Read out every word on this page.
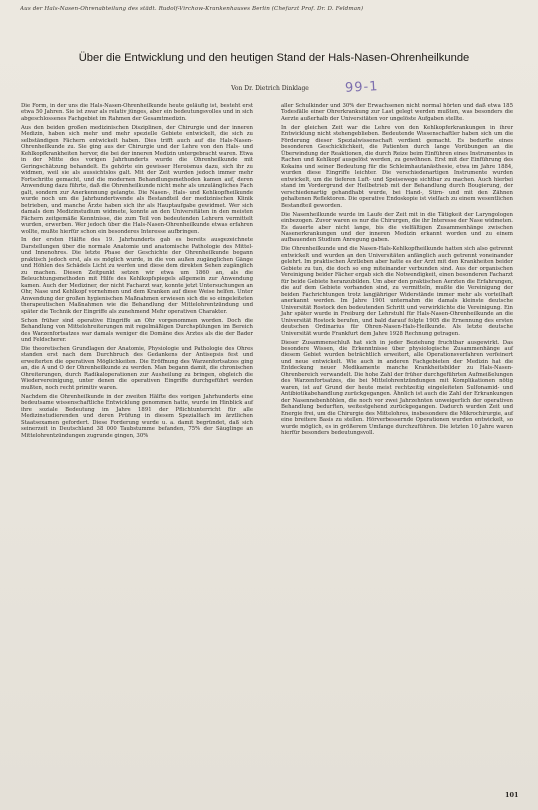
Aus der Hals-Nasen-Ohrenabteilung des städt. Rudolf-Virchow-Krankenhauses Berlin (Chefarzt Prof. Dr. D. Feldman)
Über die Entwicklung und den heutigen Stand der Hals-Nasen-Ohrenheilkunde
Von Dr. Dietrich Dinklage	99-1

Die Form, in der uns die Hals-Nasen-Ohrenheilkunde heute geläufig ist, besteht erst etwa 50 Jahren. Sie ist zwar als relativ jünges, aber ein bedeutungsvolles und in sich abgeschlossenes Fachgebiet im Rahmen der Gesamtmedizin.

Aus den beiden großen medizinischen Disziplinen, der Chirurgie und der inneren Medizin, haben sich mehr und mehr spezielle Gebiete entwickelt, die sich zu selbständigen Fächern entwickelt haben. Dies trifft auch auf die Hals-Nasen-Ohrenheilkunde zu. Sie ging aus der Chirurgie und der Lehre von den Hals- und Kehlkopfkrankheiten hervor, die bei der inneren Medizin untergebracht waren. Etwa in der Mitte des vorigen Jahrhunderts wurde die Ohrenheilkunde mit Geringschätzung behandelt. Es gehörte ein gewisser Heroismus dazu, sich ihr zu widmen, weil sie als aussichtslos galt. Mit der Zeit wurden jedoch immer mehr Fortschritte gemacht, und die modernen Behandlungsmethoden kamen auf, deren Anwendung dazu führte, daß die Ohrenheilkunde nicht mehr als unzulängliches Fach galt, sondern zur Anerkennung gelangte. Die Nasen-, Hals- und Kehlkopfheilkunde wurde noch um die Jahrhundertwende als Bestandteil der medizinischen Klinik betrieben, und manche Ärzte haben sich ihr als Hauptaufgabe gewidmet. Wer sich damals dem Medizinstudium widmete, konnte an den Universitäten in den meisten Fächern zeitgemäße Kenntnisse, die zum Teil von bedeutenden Lehrern vermittelt wurden, erwerben. Wer jedoch über die Hals-Nasen-Ohrenheilkunde etwas erfahren wollte, mußte hierfür schon ein besonderes Interesse aufbringen.

In der ersten Hälfte des 19. Jahrhunderts gab es bereits ausgezeichnete Darstellungen über die normale Anatomie und anatomische Pathologie des Mittel- und Innenohres. Die letzte Phase der Geschichte der Ohrenheilkunde begann praktisch jedoch erst, als es möglich wurde, in die von außen zugänglichen Gänge und Höhlen des Schädels Licht zu werfen und diese dem direkten Sehen zugänglich zu machen. Diesen Zeitpunkt setzen wir etwa um 1860 an, als die Beleuchtungsmethoden mit Hilfe des Kehlkopfspiegels allgemein zur Anwendung kamen. Auch der Mediziner, der nicht Facharzt war, konnte jetzt Untersuchungen an Ohr, Nase und Kehlkopf vornehmen und dem Kranken auf diese Weise helfen. Unter Anwendung der großen hygienischen Maßnahmen erwiesen sich die so eingeleiteten therapeutischen Maßnahmen wie die Behandlung der Mittelohrentzündung und später die Technik der Eingriffe als zunehmend Mehr operativen Charakter.

Schon früher sind operative Eingriffe an Ohr vorgenommen worden. Doch die Behandlung von Mittelohreiterungen mit regelmäßigen Durchspülungen im Bereich des Warzenfortsatzes war damals weniger die Domäne des Arztes als die der Bader und Feldscherer.

Die theoretischen Grundlagen der Anatomie, Physiologie und Pathologie des Ohres standen erst nach dem Durchbruch des Gedankens der Antisepsis fest und erweiterten die operativen Möglichkeiten. Die Eröffnung des Warzenfortsatzes ging an, die A und O der Ohrenheilkunde zu werden. Man begann damit, die chronischen Ohreiterungen, durch Radikaloperationen zur Ausheilung zu bringen, obgleich die Wiedervereinigung, unter denen die operativen Eingriffe durchgeführt werden mußten, noch recht primitiv waren.

Nachdem die Ohrenheilkunde in der zweiten Hälfte des vorigen Jahrhunderts eine bedeutsame wissenschaftliche Entwicklung genommen hatte, wurde im Hinblick auf ihre soziale Bedeutung im Jahre 1891 der Pflichtunterricht für alle Medizinstudierenden und deren Prüfung in diesem Spezialfach im ärztlichen Staatsexamen gefordert. Diese Forderung wurde u. a. damit begründet, daß sich seinerzeit in Deutschland 38 000 Taubstumme befanden, 75% der Säuglinge an Mittelohrentzündungen zugrunde gingen, 30%

aller Schulkinder und 30% der Erwachsenen nicht normal hörten und daß etwa 185 Todesfälle einer Ohrerkrankung zur Last gelegt werden mußten, was besonders die Aerzte außerhalb der Universitäten vor ungelöste Aufgaben stellte.

In der gleichen Zeit war die Lehre von den Kehlkopferkrankungen in ihrer Entwicklung nicht stehengeblieben. Bedeutende Wissenschaftler haben sich um die Förderung dieser Spezialwissenschaft verdient gemacht. Es bedurfte eines besonderen Geschicklichkeit, die Patienten durch lange Vorübungen an die Überwindung der Reaktionen, die durch Reize beim Einführen eines Instrumentes in Rachen und Kehlkopf ausgelöst werden, zu gewöhnen. Erst mit der Einführung des Kokains und seiner Bedeutung für die Schleimhautanästhesie, etwa im Jahre 1884, wurden diese Eingriffe leichter. Die verschiedenartigen Instrumente wurden entwickelt, um die tieferen Luft- und Speisewege sichtbar zu machen. Auch hierbei stand im Vordergrund der Heilbetrieb mit der Behandlung durch Bougierung, der verschiedenartig gehandhabt wurde, bei Hand-, Stirn- und mit den Zähnen gehaltenen Reflektoren. Die operative Endoskopie ist vielfach zu einem wesentlichen Bestandteil geworden.

Die Nasenheilkunde wurde im Laufe der Zeit mit in die Tätigkeit der Laryngologen einbezogen. Zuvor waren es nur die Chirurgen, die ihr Interesse der Nase widmeten. Es dauerte aber nicht lange, bis die vielfältigen Zusammenhänge zwischen Nasenerkrankungen und der inneren Medizin erkannt worden und zu einem aufbauenden Studium Anregung gaben.

Die Ohrenheilkunde und die Nasen-Hals-Kehlkopfheilkunde hatten sich also getrennt entwickelt und wurden an den Universitäten anfänglich auch getrennt voneinander gelehrt. Im praktischen Ärztleben aber hatte es der Arzt mit den Krankheiten beider Gebiete zu tun, die doch so eng miteinander verbunden sind. Aus der organischen Vereinigung beider Fächer ergab sich die Notwendigkeit, einen besonderen Facharzt für beide Gebiete heranzubilden. Um aber den praktischen Aerzten die Erfahrungen, die auf dem Gebiete vorhanden sind, zu vermitteln, mußte die Vereinigung der beiden Fachrichtungen trotz langjähriger Widerstände immer mehr als vorteilhaft anerkannt werden. Im Jahre 1901 unternahm die damals kleinste deutsche Universität Rostock den bedeutenden Schritt und verwirklichte die Vereinigung. Ein Jahr später wurde in Freiburg der Lehrstuhl für Hals-Nasen-Ohrenheilkunde an die Universität Rostock berufen, und bald darauf folgte 1905 die Ernennung des ersten deutschen Ordinarius für Ohren-Nasen-Hals-Heilkunde. Als letzte deutsche Universität wurde Frankfurt dem Jahre 1928 Rechnung getragen.

Dieser Zusammenschluß hat sich in jeder Beziehung fruchtbar ausgewirkt. Das besondere Wissen, die Erkenntnisse über physiologische Zusammenhänge auf diesem Gebiet wurden beträchtlich erweitert, alle Operationsverfahren verfeinert und neue entwickelt. Wie auch in anderen Fachgebieten der Medizin hat die Entdeckung neuer Medikamente manche Krankheitsbilder zu Hals-Nasen-Ohrenbereich verwandelt. Die hohe Zahl der früher durchgeführten Aufmeißelungen des Warzenfortsatzes, die bei Mittelohrentzündungen mit Komplikationen nötig waren, ist auf Grund der heute meist rechtzeitig eingeleiteten Sulfonamid- und Antibiotikabehandlung zurückgegangen. Ähnlich ist auch die Zahl der Erkrankungen der Nasennebenhöhlen, die noch vor zwei Jahrzehnten unweigerlich der operativen Behandlung bedurften, weitestgehend zurückgegangen. Dadurch wurden Zeit und Energie frei, um die Chirurgie des Mittelohres, insbesondere die Mikrochirurgie, auf eine breitere Basis zu stellen. Hörverbessernde Operationen wurden entwickelt, so wurde möglich, es in größerem Umfange durchzuführen. Die letzten 10 Jahre waren hierfür besonders bedeutungsvoll.

101
